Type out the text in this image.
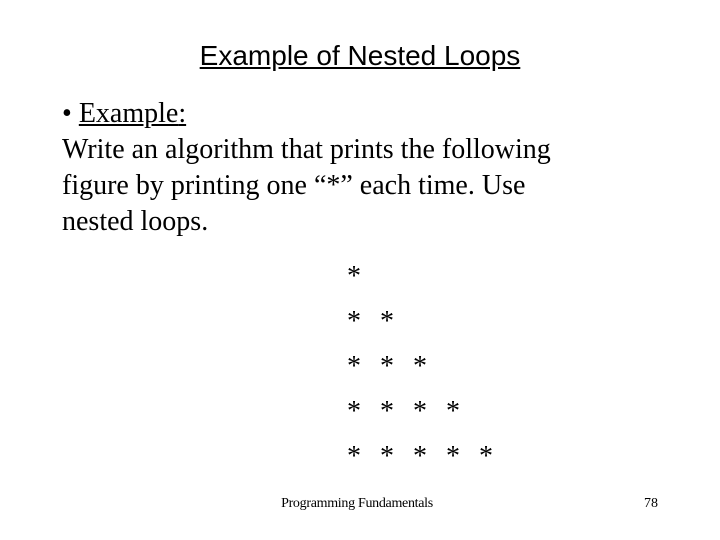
Example of Nested Loops
• Example:
Write an algorithm that prints the following
figure by printing one “*” each time. Use
nested loops.
*
* *
* * *
* * * *
* * * * *
Programming Fundamentals	78
